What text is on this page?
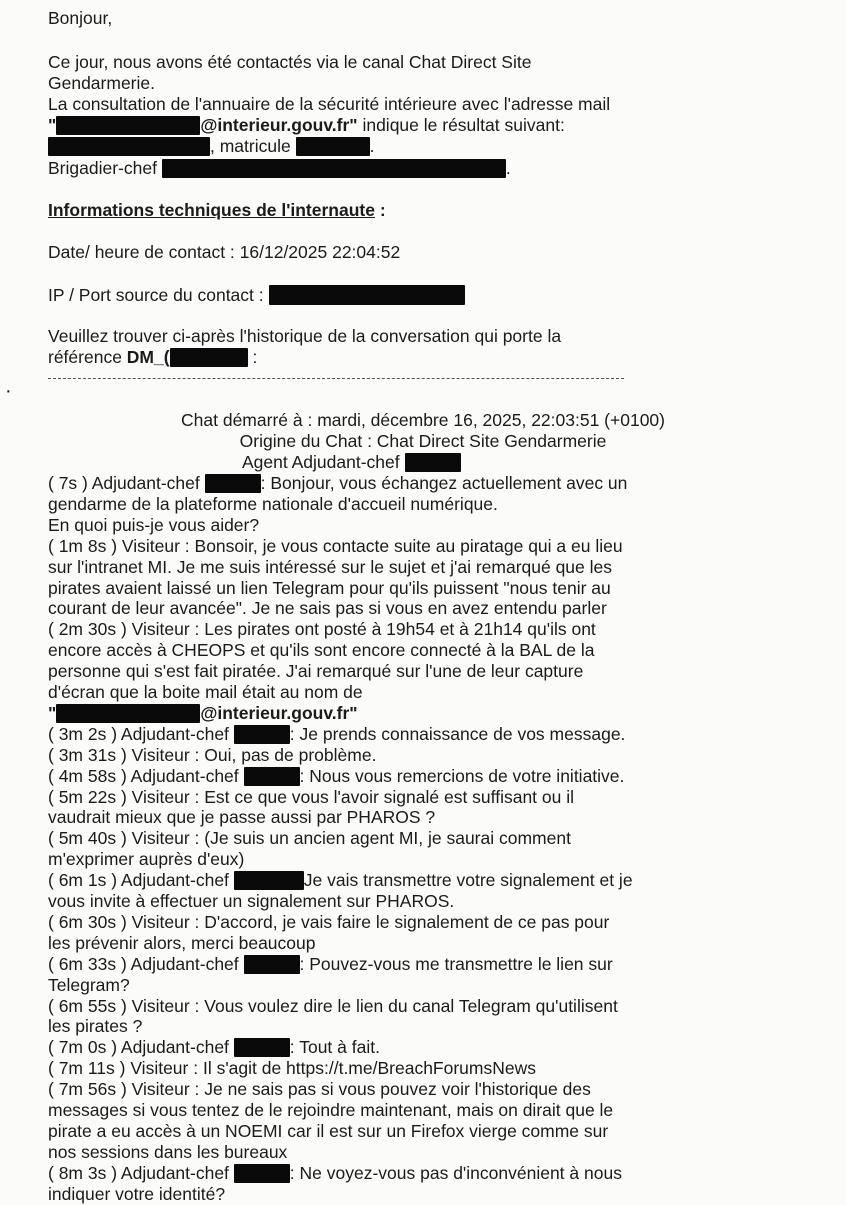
Bonjour,
Ce jour, nous avons été contactés via le canal Chat Direct Site
Gendarmerie.
La consultation de l'annuaire de la sécurité intérieure avec l'adresse mail
"	@interieur.gouv.fr" indique le résultat suivant:
, matricule	.
Brigadier-chef	.
Informations techniques de l'internaute :
Date/ heure de contact : 16/12/2025 22:04:52
IP / Port source du contact :
Veuillez trouver ci-après l'historique de la conversation qui porte la
référence DM_(	:
·
Chat démarré à : mardi, décembre 16, 2025, 22:03:51 (+0100)
Origine du Chat : Chat Direct Site Gendarmerie
Agent Adjudant-chef
( 7s ) Adjudant-chef	: Bonjour, vous échangez actuellement avec un
gendarme de la plateforme nationale d'accueil numérique.
En quoi puis-je vous aider?
( 1m 8s ) Visiteur : Bonsoir, je vous contacte suite au piratage qui a eu lieu
sur l'intranet MI. Je me suis intéressé sur le sujet et j'ai remarqué que les
pirates avaient laissé un lien Telegram pour qu'ils puissent "nous tenir au
courant de leur avancée". Je ne sais pas si vous en avez entendu parler
( 2m 30s ) Visiteur : Les pirates ont posté à 19h54 et à 21h14 qu'ils ont
encore accès à CHEOPS et qu'ils sont encore connecté à la BAL de la
personne qui s'est fait piratée. J'ai remarqué sur l'une de leur capture
d'écran que la boite mail était au nom de
"	@interieur.gouv.fr"
( 3m 2s ) Adjudant-chef	: Je prends connaissance de vos message.
( 3m 31s ) Visiteur : Oui, pas de problème.
( 4m 58s ) Adjudant-chef	: Nous vous remercions de votre initiative.
( 5m 22s ) Visiteur : Est ce que vous l'avoir signalé est suffisant ou il
vaudrait mieux que je passe aussi par PHAROS ?
( 5m 40s ) Visiteur : (Je suis un ancien agent MI, je saurai comment
m'exprimer auprès d'eux)
( 6m 1s ) Adjudant-chef	Je vais transmettre votre signalement et je
vous invite à effectuer un signalement sur PHAROS.
( 6m 30s ) Visiteur : D'accord, je vais faire le signalement de ce pas pour
les prévenir alors, merci beaucoup
( 6m 33s ) Adjudant-chef	: Pouvez-vous me transmettre le lien sur
Telegram?
( 6m 55s ) Visiteur : Vous voulez dire le lien du canal Telegram qu'utilisent
les pirates ?
( 7m 0s ) Adjudant-chef	: Tout à fait.
( 7m 11s ) Visiteur : Il s'agit de https://t.me/BreachForumsNews
( 7m 56s ) Visiteur : Je ne sais pas si vous pouvez voir l'historique des
messages si vous tentez de le rejoindre maintenant, mais on dirait que le
pirate a eu accès à un NOEMI car il est sur un Firefox vierge comme sur
nos sessions dans les bureaux
( 8m 3s ) Adjudant-chef	: Ne voyez-vous pas d'inconvénient à nous
indiquer votre identité?
